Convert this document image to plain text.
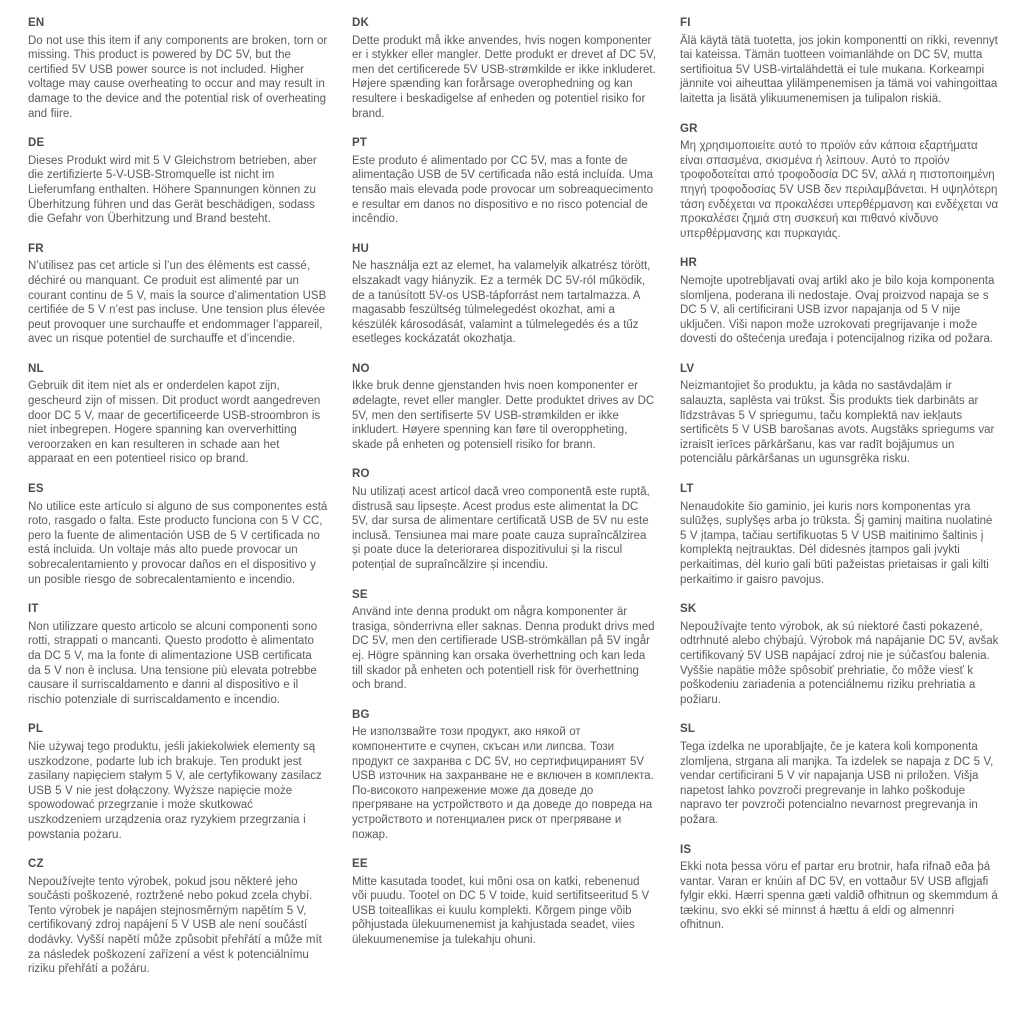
EN

Do not use this item if any components are broken, torn or missing. This product is powered by DC 5V, but the certified 5V USB power source is not included. Higher voltage may cause overheating to occur and may result in damage to the device and the potential risk of overheating and fiire.

DE

Dieses Produkt wird mit 5 V Gleichstrom betrieben, aber die zertifizierte 5-V-USB-Stromquelle ist nicht im Lieferumfang enthalten. Höhere Spannungen können zu Überhitzung führen und das Gerät beschädigen, sodass die Gefahr von Überhitzung und Brand besteht.

FR

N’utilisez pas cet article si l’un des éléments est cassé, déchiré ou manquant. Ce produit est alimenté par un courant continu de 5 V, mais la source d’alimentation USB certifiée de 5 V n’est pas incluse. Une tension plus élevée peut provoquer une surchauffe et endommager l’appareil, avec un risque potentiel de surchauffe et d’incendie.

NL

Gebruik dit item niet als er onderdelen kapot zijn, gescheurd zijn of missen. Dit product wordt aangedreven door DC 5 V, maar de gecertificeerde USB-stroombron is niet inbegrepen. Hogere spanning kan oververhitting veroorzaken en kan resulteren in schade aan het apparaat en een potentieel risico op brand.

ES

No utilice este artículo si alguno de sus componentes está roto, rasgado o falta. Este producto funciona con 5 V CC, pero la fuente de alimentación USB de 5 V certificada no está incluida. Un voltaje más alto puede provocar un sobrecalentamiento y provocar daños en el dispositivo y un posible riesgo de sobrecalentamiento e incendio.

IT

Non utilizzare questo articolo se alcuni componenti sono rotti, strappati o mancanti. Questo prodotto è alimentato da DC 5 V, ma la fonte di alimentazione USB certificata da 5 V non è inclusa. Una tensione più elevata potrebbe causare il surriscaldamento e danni al dispositivo e il rischio potenziale di surriscaldamento e incendio.

PL

Nie używaj tego produktu, jeśli jakiekolwiek elementy są uszkodzone, podarte lub ich brakuje. Ten produkt jest zasilany napięciem stałym 5 V, ale certyfikowany zasilacz USB 5 V nie jest dołączony. Wyższe napięcie może spowodować przegrzanie i może skutkować uszkodzeniem urządzenia oraz ryzykiem przegrzania i powstania pożaru.

CZ

Nepoužívejte tento výrobek, pokud jsou některé jeho součásti poškozené, roztržené nebo pokud zcela chybí. Tento výrobek je napájen stejnosměrným napětím 5 V, certifikovaný zdroj napájení 5 V USB ale není součástí dodávky. Vyšší napětí může způsobit přehřátí a může mít za následek poškození zařízení a vést k potenciálnímu riziku přehřátí a požáru.

DK

Dette produkt må ikke anvendes, hvis nogen komponenter er i stykker eller mangler. Dette produkt er drevet af DC 5V, men det certificerede 5V USB-strømkilde er ikke inkluderet. Højere spænding kan forårsage overophedning og kan resultere i beskadigelse af enheden og potentiel risiko for brand.

PT

Este produto é alimentado por CC 5V, mas a fonte de alimentação USB de 5V certificada não está incluída. Uma tensão mais elevada pode provocar um sobreaquecimento e resultar em danos no dispositivo e no risco potencial de incêndio.

HU

Ne használja ezt az elemet, ha valamelyik alkatrész törött, elszakadt vagy hiányzik. Ez a termék DC 5V-ról működik, de a tanúsított 5V-os USB-tápforrást nem tartalmazza. A magasabb feszültség túlmelegedést okozhat, ami a készülék károsodását, valamint a túlmelegedés és a tűz esetleges kockázatát okozhatja.

NO

Ikke bruk denne gjenstanden hvis noen komponenter er ødelagte, revet eller mangler. Dette produktet drives av DC 5V, men den sertifiserte 5V USB-strømkilden er ikke inkludert. Høyere spenning kan føre til overoppheting, skade på enheten og potensiell risiko for brann.

RO

Nu utilizați acest articol dacă vreo componentă este ruptă, distrusă sau lipsește. Acest produs este alimentat la DC 5V, dar sursa de alimentare certificată USB de 5V nu este inclusă. Tensiunea mai mare poate cauza supraîncălzirea și poate duce la deteriorarea dispozitivului și la riscul potențial de supraîncălzire și incendiu.

SE

Använd inte denna produkt om några komponenter är trasiga, sönderrivna eller saknas. Denna produkt drivs med DC 5V, men den certifierade USB-strömkällan på 5V ingår ej. Högre spänning kan orsaka överhettning och kan leda till skador på enheten och potentiell risk för överhettning och brand.

BG

Не използвайте този продукт, ако някой от компонентите е счупен, скъсан или липсва. Този продукт се захранва с DC 5V, но сертифицираният 5V USB източник на захранване не е включен в комплекта. По-високото напрежение може да доведе до прегряване на устройството и да доведе до повреда на устройството и потенциален риск от прегряване и пожар.

EE

Mitte kasutada toodet, kui mõni osa on katki, rebenenud või puudu. Tootel on DC 5 V toide, kuid sertifitseeritud 5 V USB toiteallikas ei kuulu komplekti. Kõrgem pinge võib põhjustada ülekuumenemist ja kahjustada seadet, viies ülekuumenemise ja tulekahju ohuni.

FI

Älä käytä tätä tuotetta, jos jokin komponentti on rikki, revennyt tai kateissa. Tämän tuotteen voimanlähde on DC 5V, mutta sertifioitua 5V USB-virtalähdettä ei tule mukana. Korkeampi jännite voi aiheuttaa ylilämpenemisen ja tämä voi vahingoittaa laitetta ja lisätä ylikuumenemisen ja tulipalon riskiä.

GR

Μη χρησιμοποιείτε αυτό το προϊόν εάν κάποια εξαρτήματα είναι σπασμένα, σκισμένα ή λείπουν. Αυτό το προϊόν τροφοδοτείται από τροφοδοσία DC 5V, αλλά η πιστοποιημένη πηγή τροφοδοσίας 5V USB δεν περιλαμβάνεται. Η υψηλότερη τάση ενδέχεται να προκαλέσει υπερθέρμανση και ενδέχεται να προκαλέσει ζημιά στη συσκευή και πιθανό κίνδυνο υπερθέρμανσης και πυρκαγιάς.

HR

Nemojte upotrebljavati ovaj artikl ako je bilo koja komponenta slomljena, poderana ili nedostaje. Ovaj proizvod napaja se s DC 5 V, ali certificirani USB izvor napajanja od 5 V nije uključen. Viši napon može uzrokovati pregrijavanje i može dovesti do oštećenja uređaja i potencijalnog rizika od požara.

LV

Neizmantojiet šo produktu, ja kāda no sastāvdaļām ir salauzta, saplēsta vai trūkst. Šis produkts tiek darbināts ar līdzstrāvas 5 V spriegumu, taču komplektā nav iekļauts sertificēts 5 V USB barošanas avots. Augstāks spriegums var izraisīt ierīces pārkāršanu, kas var radīt bojājumus un potenciālu pārkāršanas un ugunsgrēka risku.

LT

Nenaudokite šio gaminio, jei kuris nors komponentas yra sulūžęs, suplyšęs arba jo trūksta. Šį gaminį maitina nuolatinė 5 V įtampa, tačiau sertifikuotas 5 V USB maitinimo šaltinis į komplektą neįtrauktas. Dėl didesnės įtampos gali įvykti perkaitimas, dėl kurio gali būti pažeistas prietaisas ir gali kilti perkaitimo ir gaisro pavojus.

SK

Nepoužívajte tento výrobok, ak sú niektoré časti pokazené, odtrhnuté alebo chýbajú. Výrobok má napájanie DC 5V, avšak certifikovaný 5V USB napájací zdroj nie je súčasťou balenia. Vyššie napätie môže spôsobiť prehriatie, čo môže viesť k poškodeniu zariadenia a potenciálnemu riziku prehriatia a požiaru.

SL

Tega izdelka ne uporabljajte, če je katera koli komponenta zlomljena, strgana ali manjka. Ta izdelek se napaja z DC 5 V, vendar certificirani 5 V vir napajanja USB ni priložen. Višja napetost lahko povzroči pregrevanje in lahko poškoduje napravo ter povzroči potencialno nevarnost pregrevanja in požara.

IS

Ekki nota þessa vöru ef partar eru brotnir, hafa rifnað eða þá vantar. Varan er knúin af DC 5V, en vottaður 5V USB aflgjafi fylgir ekki. Hærri spenna gæti valdið ofhitnun og skemmdum á tækinu, svo ekki sé minnst á hættu á eldi og almennri ofhitnun.
